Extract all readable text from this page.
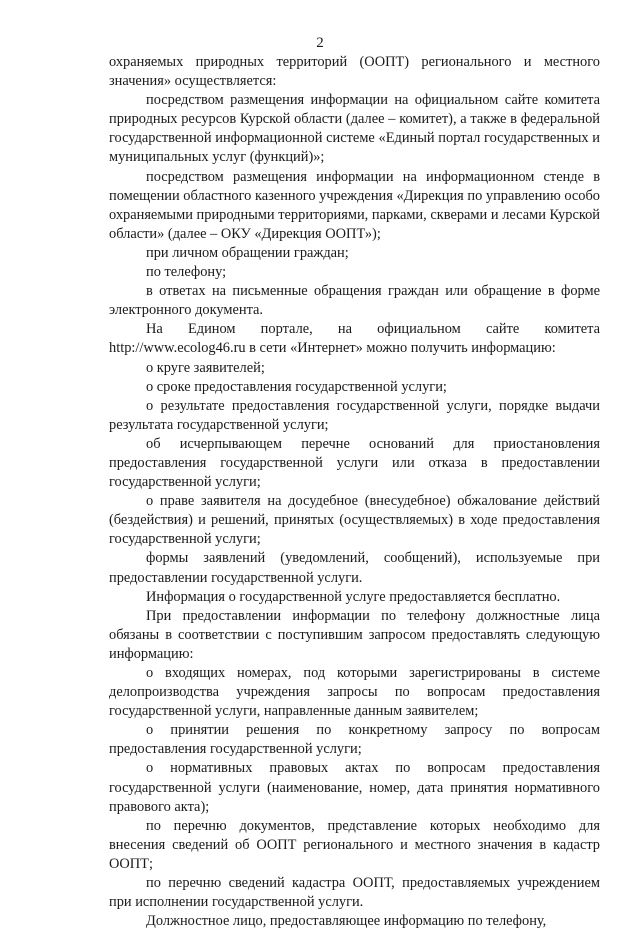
2

охраняемых природных территорий (ООПТ) регионального и местного значения» осуществляется:

посредством размещения информации на официальном сайте комитета природных ресурсов Курской области (далее – комитет), а также в федеральной государственной информационной системе «Единый портал государственных и муниципальных услуг (функций)»;

посредством размещения информации на информационном стенде в помещении областного казенного учреждения «Дирекция по управлению особо охраняемыми природными территориями, парками, скверами и лесами Курской области» (далее – ОКУ «Дирекция ООПТ»);

при личном обращении граждан;

по телефону;

в ответах на письменные обращения граждан или обращение в форме электронного документа.

На Едином портале, на официальном сайте комитета http://www.ecolog46.ru в сети «Интернет» можно получить информацию:

о круге заявителей;

о сроке предоставления государственной услуги;

о результате предоставления государственной услуги, порядке выдачи результата государственной услуги;

об исчерпывающем перечне оснований для приостановления предоставления государственной услуги или отказа в предоставлении государственной услуги;

о праве заявителя на досудебное (внесудебное) обжалование действий (бездействия) и решений, принятых (осуществляемых) в ходе предоставления государственной услуги;

формы заявлений (уведомлений, сообщений), используемые при предоставлении государственной услуги.

Информация о государственной услуге предоставляется бесплатно.

При предоставлении информации по телефону должностные лица обязаны в соответствии с поступившим запросом предоставлять следующую информацию:

о входящих номерах, под которыми зарегистрированы в системе делопроизводства учреждения запросы по вопросам предоставления государственной услуги, направленные данным заявителем;

о принятии решения по конкретному запросу по вопросам предоставления государственной услуги;

о нормативных правовых актах по вопросам предоставления государственной услуги (наименование, номер, дата принятия нормативного правового акта);

по перечню документов, представление которых необходимо для внесения сведений об ООПТ регионального и местного значения в кадастр ООПТ;

по перечню сведений кадастра ООПТ, предоставляемых учреждением при исполнении государственной услуги.

Должностное лицо, предоставляющее информацию по телефону,
